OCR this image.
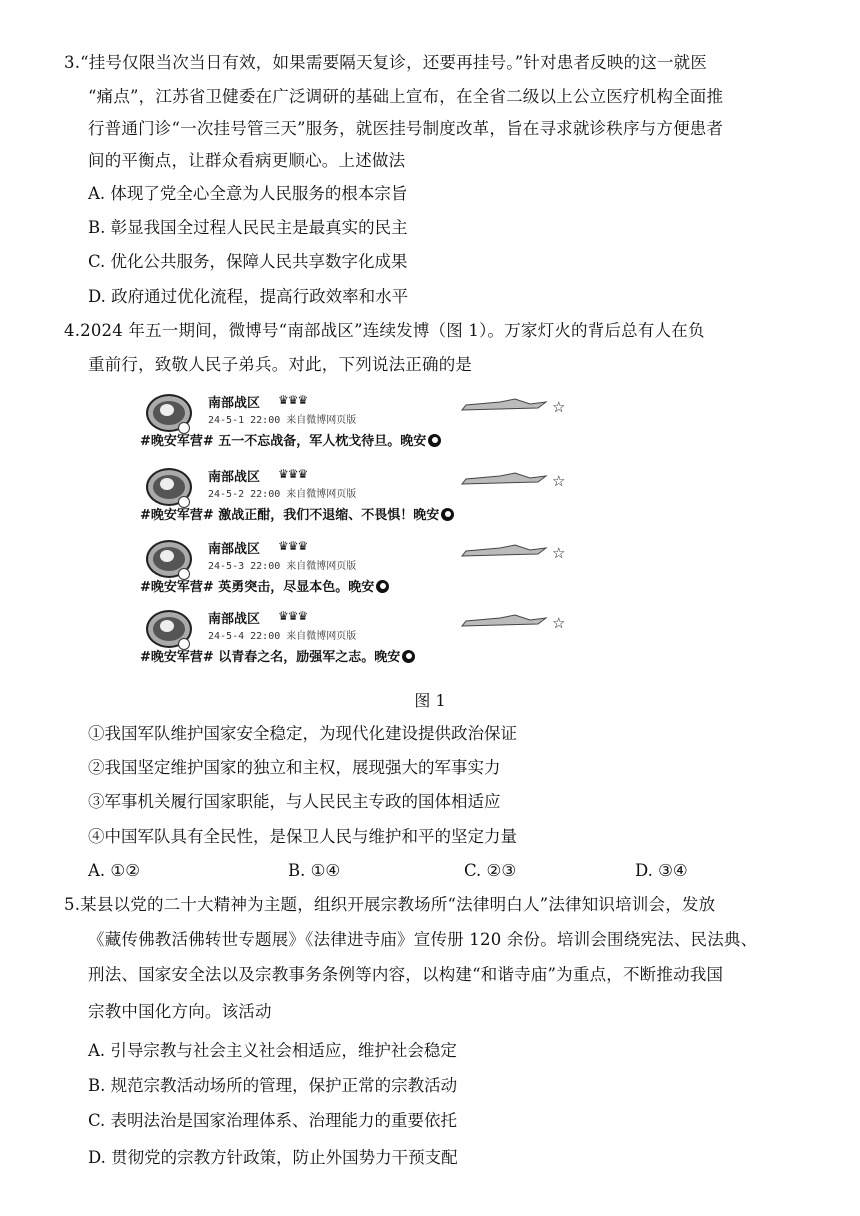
3.“挂号仅限当次当日有效，如果需要隔天复诊，还要再挂号。”针对患者反映的这一就医
“痛点”，江苏省卫健委在广泛调研的基础上宣布，在全省二级以上公立医疗机构全面推
行普通门诊“一次挂号管三天”服务，就医挂号制度改革，旨在寻求就诊秩序与方便患者
间的平衡点，让群众看病更顺心。上述做法
A. 体现了党全心全意为人民服务的根本宗旨
B. 彰显我国全过程人民民主是最真实的民主
C. 优化公共服务，保障人民共享数字化成果
D. 政府通过优化流程，提高行政效率和水平
4.2024 年五一期间，微博号“南部战区”连续发博（图 1）。万家灯火的背后总有人在负
重前行，致敬人民子弟兵。对此，下列说法正确的是
南部战区 ♛♛♛
24-5-1 22:00 来自微博网页版
☆
#晚安军营# 五一不忘战备，军人枕戈待旦。晚安
南部战区 ♛♛♛
24-5-2 22:00 来自微博网页版
☆
#晚安军营# 激战正酣，我们不退缩、不畏惧！晚安
南部战区 ♛♛♛
24-5-3 22:00 来自微博网页版
☆
#晚安军营# 英勇突击，尽显本色。晚安
南部战区 ♛♛♛
24-5-4 22:00 来自微博网页版
☆
#晚安军营# 以青春之名，励强军之志。晚安
图 1
①我国军队维护国家安全稳定，为现代化建设提供政治保证
②我国坚定维护国家的独立和主权，展现强大的军事实力
③军事机关履行国家职能，与人民民主专政的国体相适应
④中国军队具有全民性，是保卫人民与维护和平的坚定力量
A. ①②	B. ①④	C. ②③	D. ③④
5.某县以党的二十大精神为主题，组织开展宗教场所“法律明白人”法律知识培训会，发放
《藏传佛教活佛转世专题展》《法律进寺庙》宣传册 120 余份。培训会围绕宪法、民法典、
刑法、国家安全法以及宗教事务条例等内容，以构建“和谐寺庙”为重点，不断推动我国
宗教中国化方向。该活动
A. 引导宗教与社会主义社会相适应，维护社会稳定
B. 规范宗教活动场所的管理，保护正常的宗教活动
C. 表明法治是国家治理体系、治理能力的重要依托
D. 贯彻党的宗教方针政策，防止外国势力干预支配
